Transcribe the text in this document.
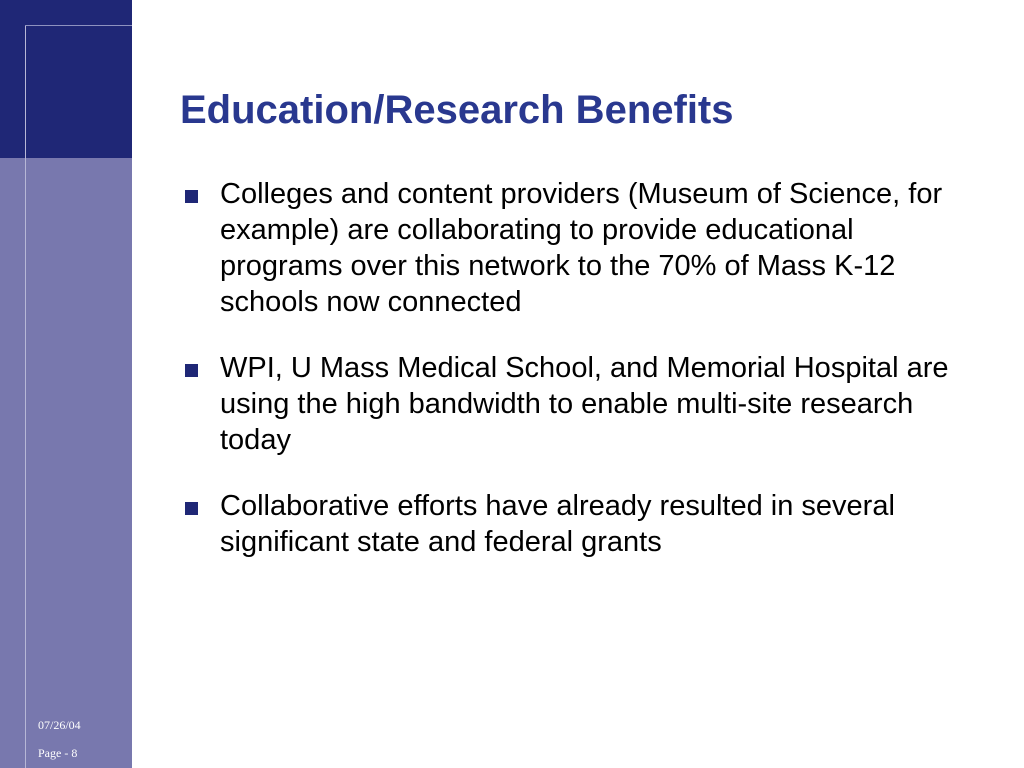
07/26/04
Page - 8
Education/Research Benefits
Colleges and content providers (Museum of Science, for example) are collaborating to provide educational programs over this network to the 70% of Mass K-12 schools now connected
WPI, U Mass Medical School, and Memorial Hospital are using the high bandwidth to enable multi-site research today
Collaborative efforts have already resulted in several significant state and federal grants
